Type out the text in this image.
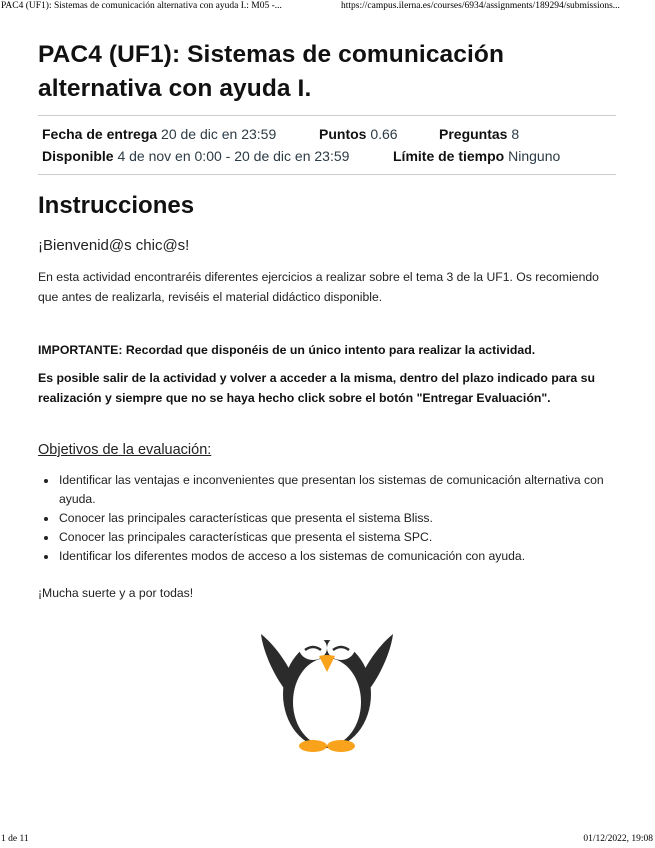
PAC4 (UF1): Sistemas de comunicación alternativa con ayuda I.: M05 -...	https://campus.ilerna.es/courses/6934/assignments/189294/submissions...
PAC4 (UF1): Sistemas de comunicación alternativa con ayuda I.
Fecha de entrega 20 de dic en 23:59	Puntos 0.66	Preguntas 8
Disponible 4 de nov en 0:00 - 20 de dic en 23:59	Límite de tiempo Ninguno
Instrucciones
¡Bienvenid@s chic@s!
En esta actividad encontraréis diferentes ejercicios a realizar sobre el tema 3 de la UF1. Os recomiendo que antes de realizarla, reviséis el material didáctico disponible.
IMPORTANTE: Recordad que disponéis de un único intento para realizar la actividad.
Es posible salir de la actividad y volver a acceder a la misma, dentro del plazo indicado para su realización y siempre que no se haya hecho click sobre el botón "Entregar Evaluación".
Objetivos de la evaluación:
• Identificar las ventajas e inconvenientes que presentan los sistemas de comunicación alternativa con ayuda.
• Conocer las principales características que presenta el sistema Bliss.
• Conocer las principales características que presenta el sistema SPC.
• Identificar los diferentes modos de acceso a los sistemas de comunicación con ayuda.
¡Mucha suerte y a por todas!
1 de 11	01/12/2022, 19:08
